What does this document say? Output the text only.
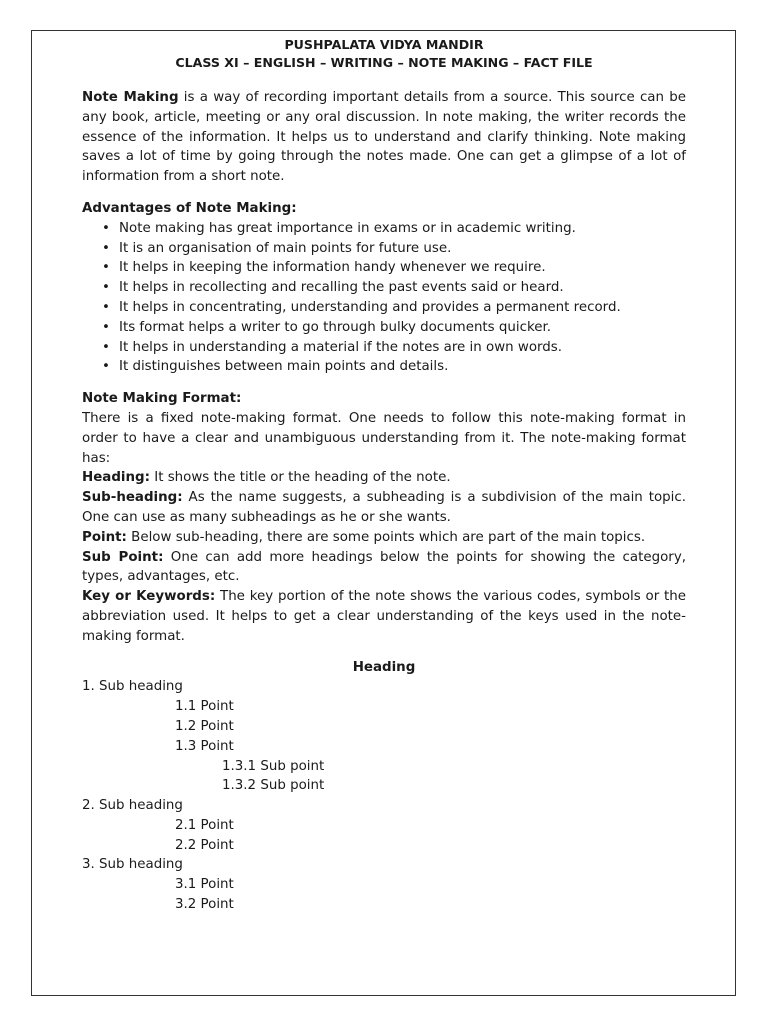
PUSHPALATA VIDYA MANDIR
CLASS XI – ENGLISH – WRITING – NOTE MAKING – FACT FILE

Note Making is a way of recording important details from a source. This source can be any book, article, meeting or any oral discussion. In note making, the writer records the essence of the information. It helps us to understand and clarify thinking. Note making saves a lot of time by going through the notes made. One can get a glimpse of a lot of information from a short note.

Advantages of Note Making:
• Note making has great importance in exams or in academic writing.
• It is an organisation of main points for future use.
• It helps in keeping the information handy whenever we require.
• It helps in recollecting and recalling the past events said or heard.
• It helps in concentrating, understanding and provides a permanent record.
• Its format helps a writer to go through bulky documents quicker.
• It helps in understanding a material if the notes are in own words.
• It distinguishes between main points and details.
Note Making Format:

There is a fixed note-making format. One needs to follow this note-making format in order to have a clear and unambiguous understanding from it. The note-making format has:

Heading: It shows the title or the heading of the note.

Sub-heading: As the name suggests, a subheading is a subdivision of the main topic. One can use as many subheadings as he or she wants.

Point: Below sub-heading, there are some points which are part of the main topics.

Sub Point: One can add more headings below the points for showing the category, types, advantages, etc.

Key or Keywords: The key portion of the note shows the various codes, symbols or the abbreviation used. It helps to get a clear understanding of the keys used in the note-making format.

Heading
1. Sub heading
1.1 Point
1.2 Point
1.3 Point
1.3.1 Sub point
1.3.2 Sub point
2. Sub heading
2.1 Point
2.2 Point
3. Sub heading
3.1 Point
3.2 Point
